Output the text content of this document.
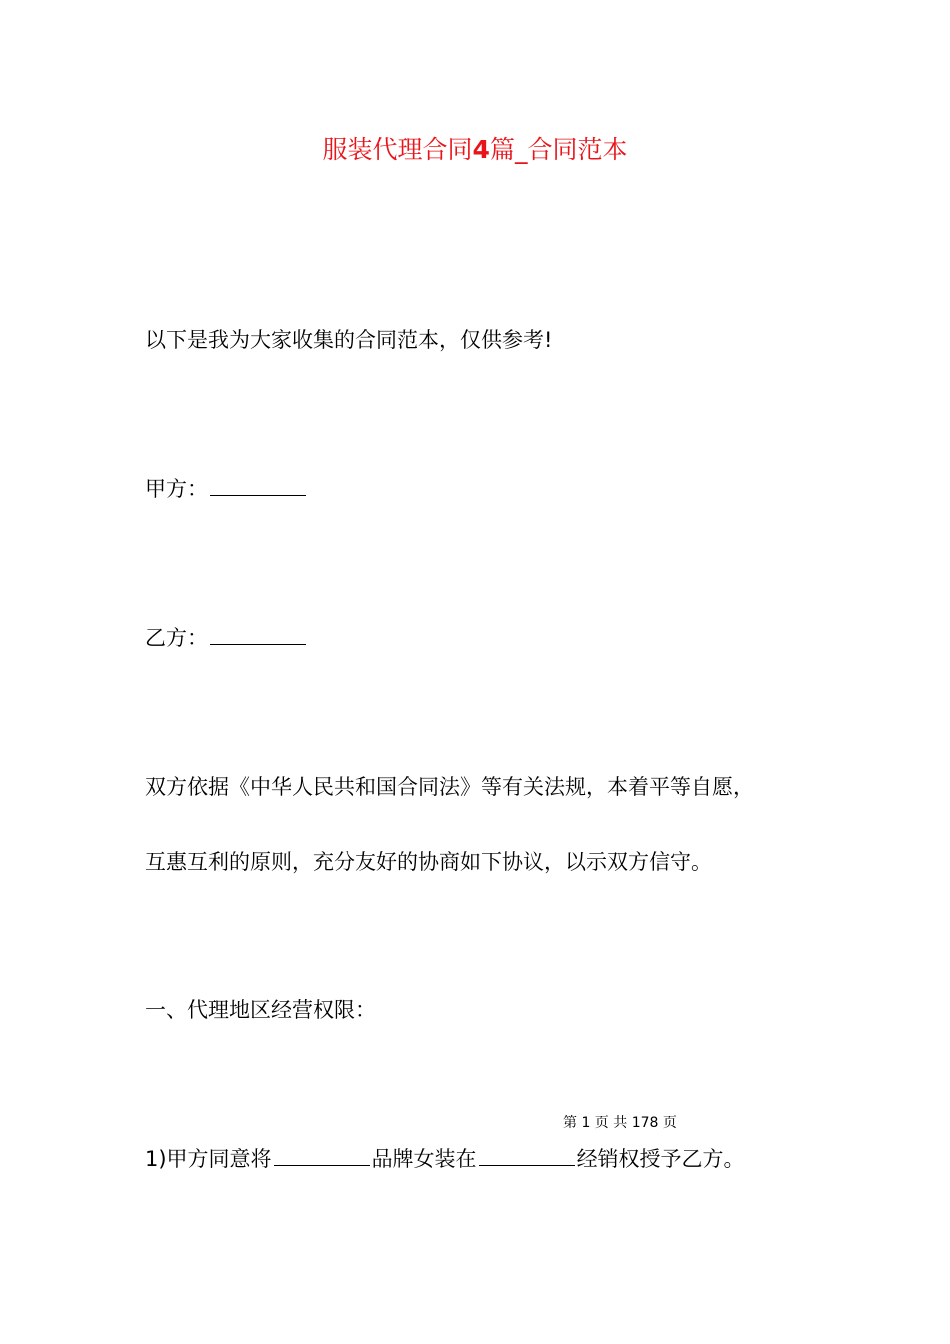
服装代理合同4篇_合同范本
以下是我为大家收集的合同范本，仅供参考!
甲方：
乙方：
双方依据《中华人民共和国合同法》等有关法规，本着平等自愿，
互惠互利的原则，充分友好的协商如下协议，以示双方信守。
一、代理地区经营权限：
第 1 页 共 178 页
1)甲方同意将	品牌女装在	经销权授予乙方。
